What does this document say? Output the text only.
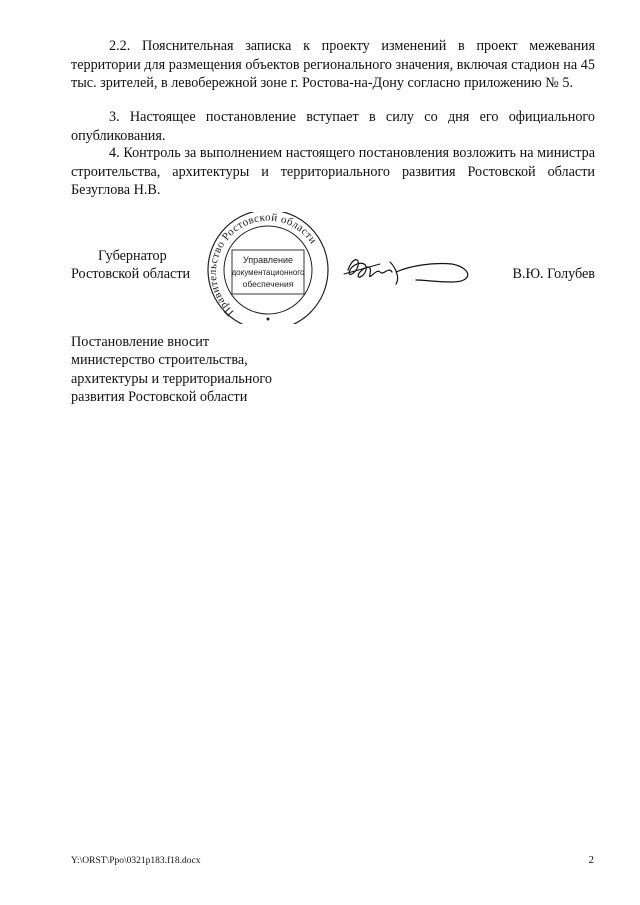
2.2. Пояснительная записка к проекту изменений в проект межевания территории для размещения объектов регионального значения, включая стадион на 45 тыс. зрителей, в левобережной зоне г. Ростова-на-Дону согласно приложению № 5.
3. Настоящее постановление вступает в силу со дня его официального опубликования.
4. Контроль за выполнением настоящего постановления возложить на министра строительства, архитектуры и территориального развития Ростовской области Безуглова Н.В.
Губернатор
Ростовской области
Правительство Ростовской области
Управление
документационного
обеспечения
В.Ю. Голубев
Постановление вносит
министерство строительства,
архитектуры и территориального
развития Ростовской области
Y:\ORST\Ppo\0321p183.f18.docx	2
